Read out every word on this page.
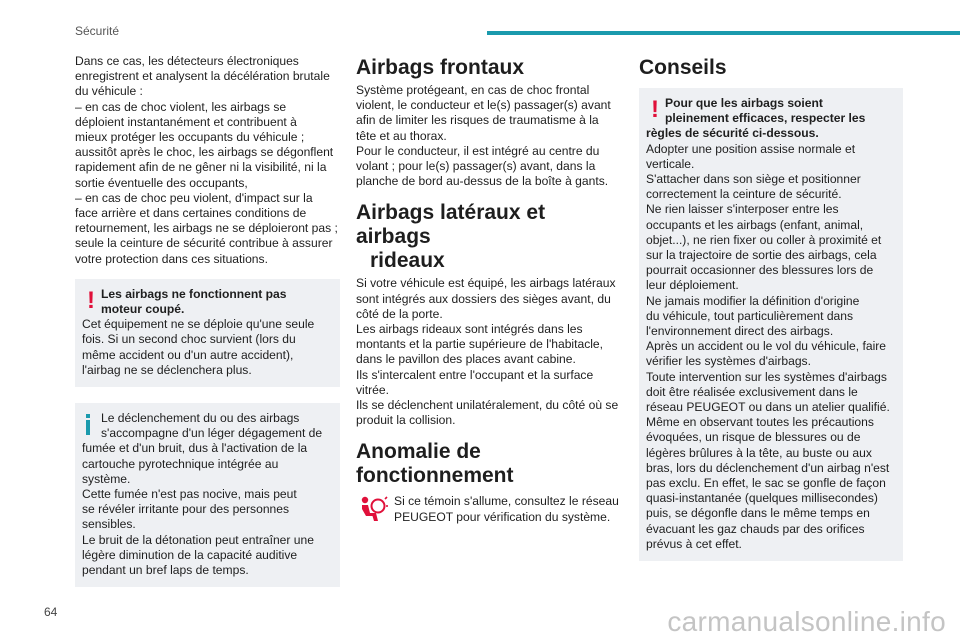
Sécurité

Dans ce cas, les détecteurs électroniques
enregistrent et analysent la décélération brutale
du véhicule :
– en cas de choc violent, les airbags se
déploient instantanément et contribuent à
mieux protéger les occupants du véhicule ;
aussitôt après le choc, les airbags se dégonflent
rapidement afin de ne gêner ni la visibilité, ni la
sortie éventuelle des occupants,
– en cas de choc peu violent, d'impact sur la
face arrière et dans certaines conditions de
retournement, les airbags ne se déploieront pas ;
seule la ceinture de sécurité contribue à assurer
votre protection dans ces situations.

! Les airbags ne fonctionnent pas
moteur coupé.

Cet équipement ne se déploie qu'une seule
fois. Si un second choc survient (lors du
même accident ou d'un autre accident),
l'airbag ne se déclenchera plus.

Le déclenchement du ou des airbags
s'accompagne d'un léger dégagement de

fumée et d'un bruit, dus à l'activation de la
cartouche pyrotechnique intégrée au
système.
Cette fumée n'est pas nocive, mais peut
se révéler irritante pour des personnes
sensibles.
Le bruit de la détonation peut entraîner une
légère diminution de la capacité auditive
pendant un bref laps de temps.

Airbags frontaux

Système protégeant, en cas de choc frontal
violent, le conducteur et le(s) passager(s) avant
afin de limiter les risques de traumatisme à la
tête et au thorax.
Pour le conducteur, il est intégré au centre du
volant ; pour le(s) passager(s) avant, dans la
planche de bord au-dessus de la boîte à gants.

Airbags latéraux et airbags
rideaux

Si votre véhicule est équipé, les airbags latéraux
sont intégrés aux dossiers des sièges avant, du
côté de la porte.
Les airbags rideaux sont intégrés dans les
montants et la partie supérieure de l'habitacle,
dans le pavillon des places avant cabine.
Ils s'intercalent entre l'occupant et la surface
vitrée.
Ils se déclenchent unilatéralement, du côté où se
produit la collision.

Anomalie de
fonctionnement

Si ce témoin s'allume, consultez le réseau
PEUGEOT pour vérification du système.

Conseils
! Pour que les airbags soient
pleinement efficaces, respecter les

règles de sécurité ci-dessous.

Adopter une position assise normale et
verticale.
S'attacher dans son siège et positionner
correctement la ceinture de sécurité.
Ne rien laisser s'interposer entre les
occupants et les airbags (enfant, animal,
objet...), ne rien fixer ou coller à proximité et
sur la trajectoire de sortie des airbags, cela
pourrait occasionner des blessures lors de
leur déploiement.
Ne jamais modifier la définition d'origine
du véhicule, tout particulièrement dans
l'environnement direct des airbags.
Après un accident ou le vol du véhicule, faire
vérifier les systèmes d'airbags.
Toute intervention sur les systèmes d'airbags
doit être réalisée exclusivement dans le
réseau PEUGEOT ou dans un atelier qualifié.
Même en observant toutes les précautions
évoquées, un risque de blessures ou de
légères brûlures à la tête, au buste ou aux
bras, lors du déclenchement d'un airbag n'est
pas exclu. En effet, le sac se gonfle de façon
quasi-instantanée (quelques millisecondes)
puis, se dégonfle dans le même temps en
évacuant les gaz chauds par des orifices
prévus à cet effet.

64	carmanualsonline.info
